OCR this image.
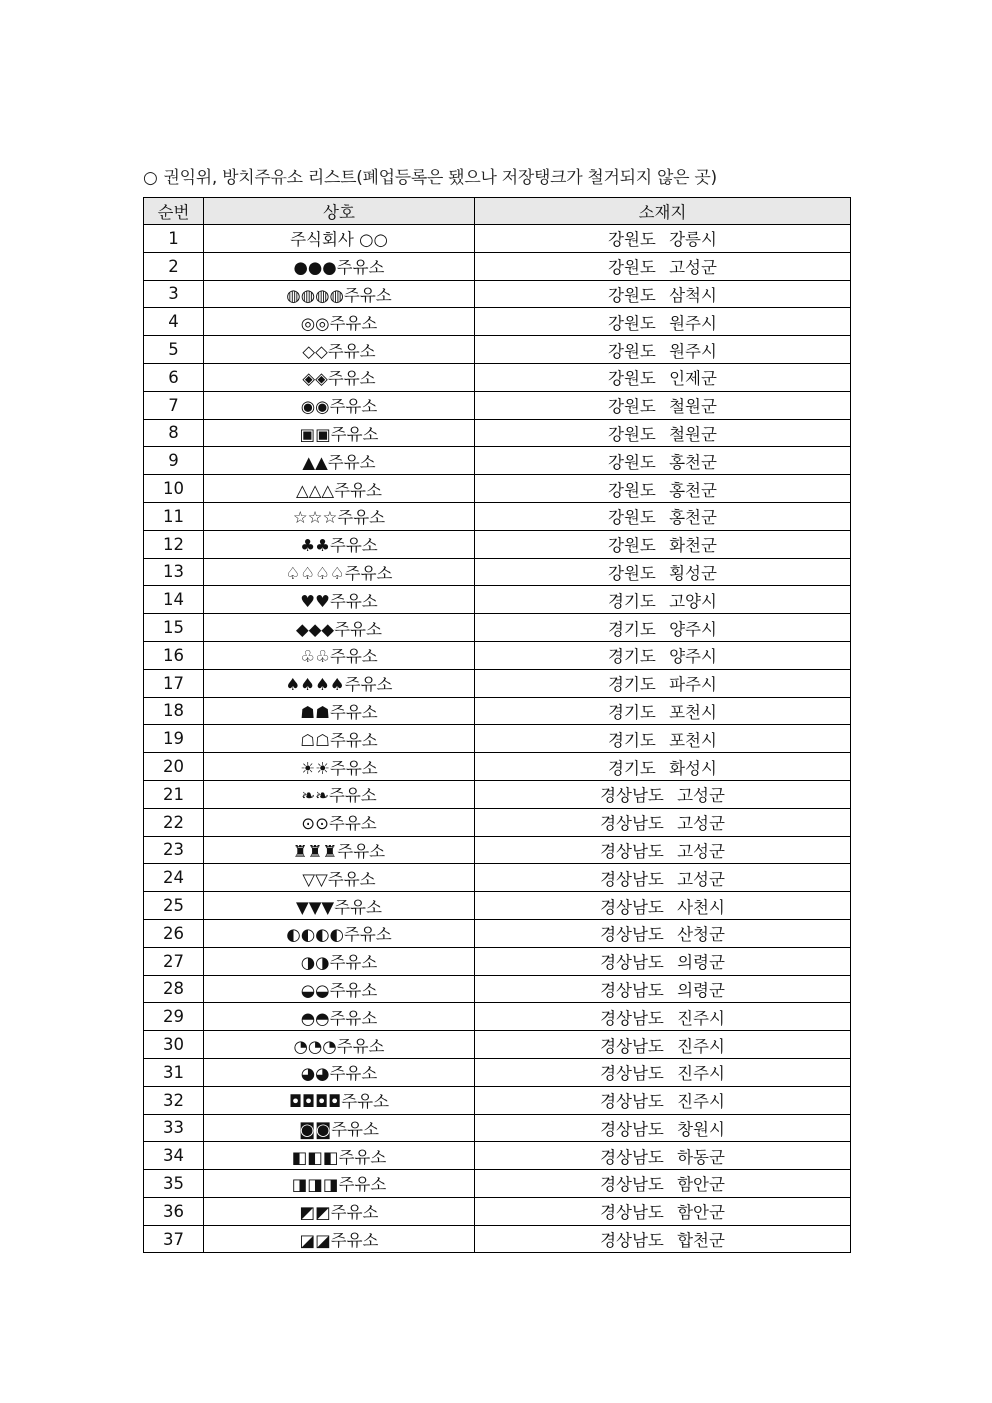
○ 권익위, 방치주유소 리스트(폐업등록은 됐으나 저장탱크가 철거되지 않은 곳)
순번	상호	소재지
1	주식회사 ○○	강원도 강릉시
2	●●●주유소	강원도 고성군
3	◍◍◍◍주유소	강원도 삼척시
4	◎◎주유소	강원도 원주시
5	◇◇주유소	강원도 원주시
6	◈◈주유소	강원도 인제군
7	◉◉주유소	강원도 철원군
8	▣▣주유소	강원도 철원군
9	▲▲주유소	강원도 홍천군
10	△△△주유소	강원도 홍천군
11	☆☆☆주유소	강원도 홍천군
12	♣♣주유소	강원도 화천군
13	♤♤♤♤주유소	강원도 횡성군
14	♥♥주유소	경기도 고양시
15	◆◆◆주유소	경기도 양주시
16	♧♧주유소	경기도 양주시
17	♠♠♠♠주유소	경기도 파주시
18	☗☗주유소	경기도 포천시
19	☖☖주유소	경기도 포천시
20	☀☀주유소	경기도 화성시
21	❧❧주유소	경상남도 고성군
22	⊙⊙주유소	경상남도 고성군
23	♜♜♜주유소	경상남도 고성군
24	▽▽주유소	경상남도 고성군
25	▼▼▼주유소	경상남도 사천시
26	◐◐◐◐주유소	경상남도 산청군
27	◑◑주유소	경상남도 의령군
28	◒◒주유소	경상남도 의령군
29	◓◓주유소	경상남도 진주시
30	◔◔◔주유소	경상남도 진주시
31	◕◕주유소	경상남도 진주시
32	◘◘◘◘주유소	경상남도 진주시
33	◙◙주유소	경상남도 창원시
34	◧◧◧주유소	경상남도 하동군
35	◨◨◨주유소	경상남도 함안군
36	◩◩주유소	경상남도 함안군
37	◪◪주유소	경상남도 합천군
